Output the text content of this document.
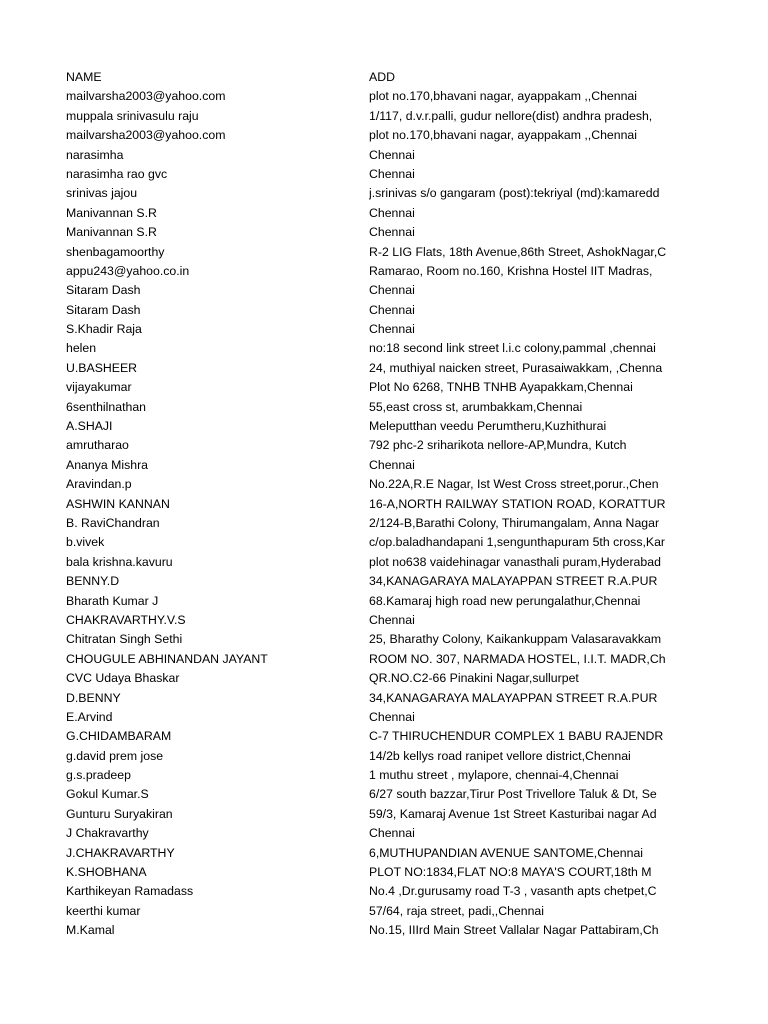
NAME	ADD
mailvarsha2003@yahoo.com	plot no.170,bhavani nagar, ayappakam ,,Chennai
muppala srinivasulu raju	1/117, d.v.r.palli, gudur nellore(dist) andhra pradesh,
mailvarsha2003@yahoo.com	plot no.170,bhavani nagar, ayappakam ,,Chennai
narasimha	Chennai
narasimha rao gvc	Chennai
srinivas jajou	j.srinivas s/o gangaram (post):tekriyal (md):kamaredd
Manivannan S.R	Chennai
Manivannan S.R	Chennai
shenbagamoorthy	R-2 LIG Flats, 18th Avenue,86th Street, AshokNagar,C
appu243@yahoo.co.in	Ramarao, Room no.160, Krishna Hostel IIT Madras,
Sitaram Dash	Chennai
Sitaram Dash	Chennai
S.Khadir Raja	Chennai
helen	no:18 second link street l.i.c colony,pammal ,chennai
U.BASHEER	24, muthiyal naicken street, Purasaiwakkam, ,Chenna
vijayakumar	Plot No 6268, TNHB TNHB Ayapakkam,Chennai
6senthilnathan	55,east cross st, arumbakkam,Chennai
A.SHAJI	Meleputthan veedu Perumtheru,Kuzhithurai
amrutharao	792 phc-2 sriharikota nellore-AP,Mundra, Kutch
Ananya Mishra	Chennai
Aravindan.p	No.22A,R.E Nagar, Ist West Cross street,porur.,Chen
ASHWIN KANNAN	16-A,NORTH RAILWAY STATION ROAD, KORATTUR
B. RaviChandran	2/124-B,Barathi Colony, Thirumangalam, Anna Nagar
b.vivek	c/op.baladhandapani 1,sengunthapuram 5th cross,Kar
bala krishna.kavuru	plot no638 vaidehinagar vanasthali puram,Hyderabad
BENNY.D	34,KANAGARAYA MALAYAPPAN STREET R.A.PUR
Bharath Kumar J	68.Kamaraj high road new perungalathur,Chennai
CHAKRAVARTHY.V.S	Chennai
Chitratan Singh Sethi	25, Bharathy Colony, Kaikankuppam Valasaravakkam
CHOUGULE ABHINANDAN JAYANT	ROOM NO. 307, NARMADA HOSTEL, I.I.T. MADR,Ch
CVC Udaya Bhaskar	QR.NO.C2-66 Pinakini Nagar,sullurpet
D.BENNY	34,KANAGARAYA MALAYAPPAN STREET R.A.PUR
E.Arvind	Chennai
G.CHIDAMBARAM	C-7 THIRUCHENDUR COMPLEX 1 BABU RAJENDR
g.david prem jose	14/2b kellys road ranipet vellore district,Chennai
g.s.pradeep	1 muthu street , mylapore, chennai-4,Chennai
Gokul Kumar.S	6/27 south bazzar,Tirur Post Trivellore Taluk & Dt, Se
Gunturu Suryakiran	59/3, Kamaraj Avenue 1st Street Kasturibai nagar Ad
J Chakravarthy	Chennai
J.CHAKRAVARTHY	6,MUTHUPANDIAN AVENUE SANTOME,Chennai
K.SHOBHANA	PLOT NO:1834,FLAT NO:8 MAYA'S COURT,18th M
Karthikeyan Ramadass	No.4 ,Dr.gurusamy road T-3 , vasanth apts chetpet,C
keerthi kumar	57/64, raja street, padi,,Chennai
M.Kamal	No.15, IIIrd Main Street Vallalar Nagar Pattabiram,Ch
